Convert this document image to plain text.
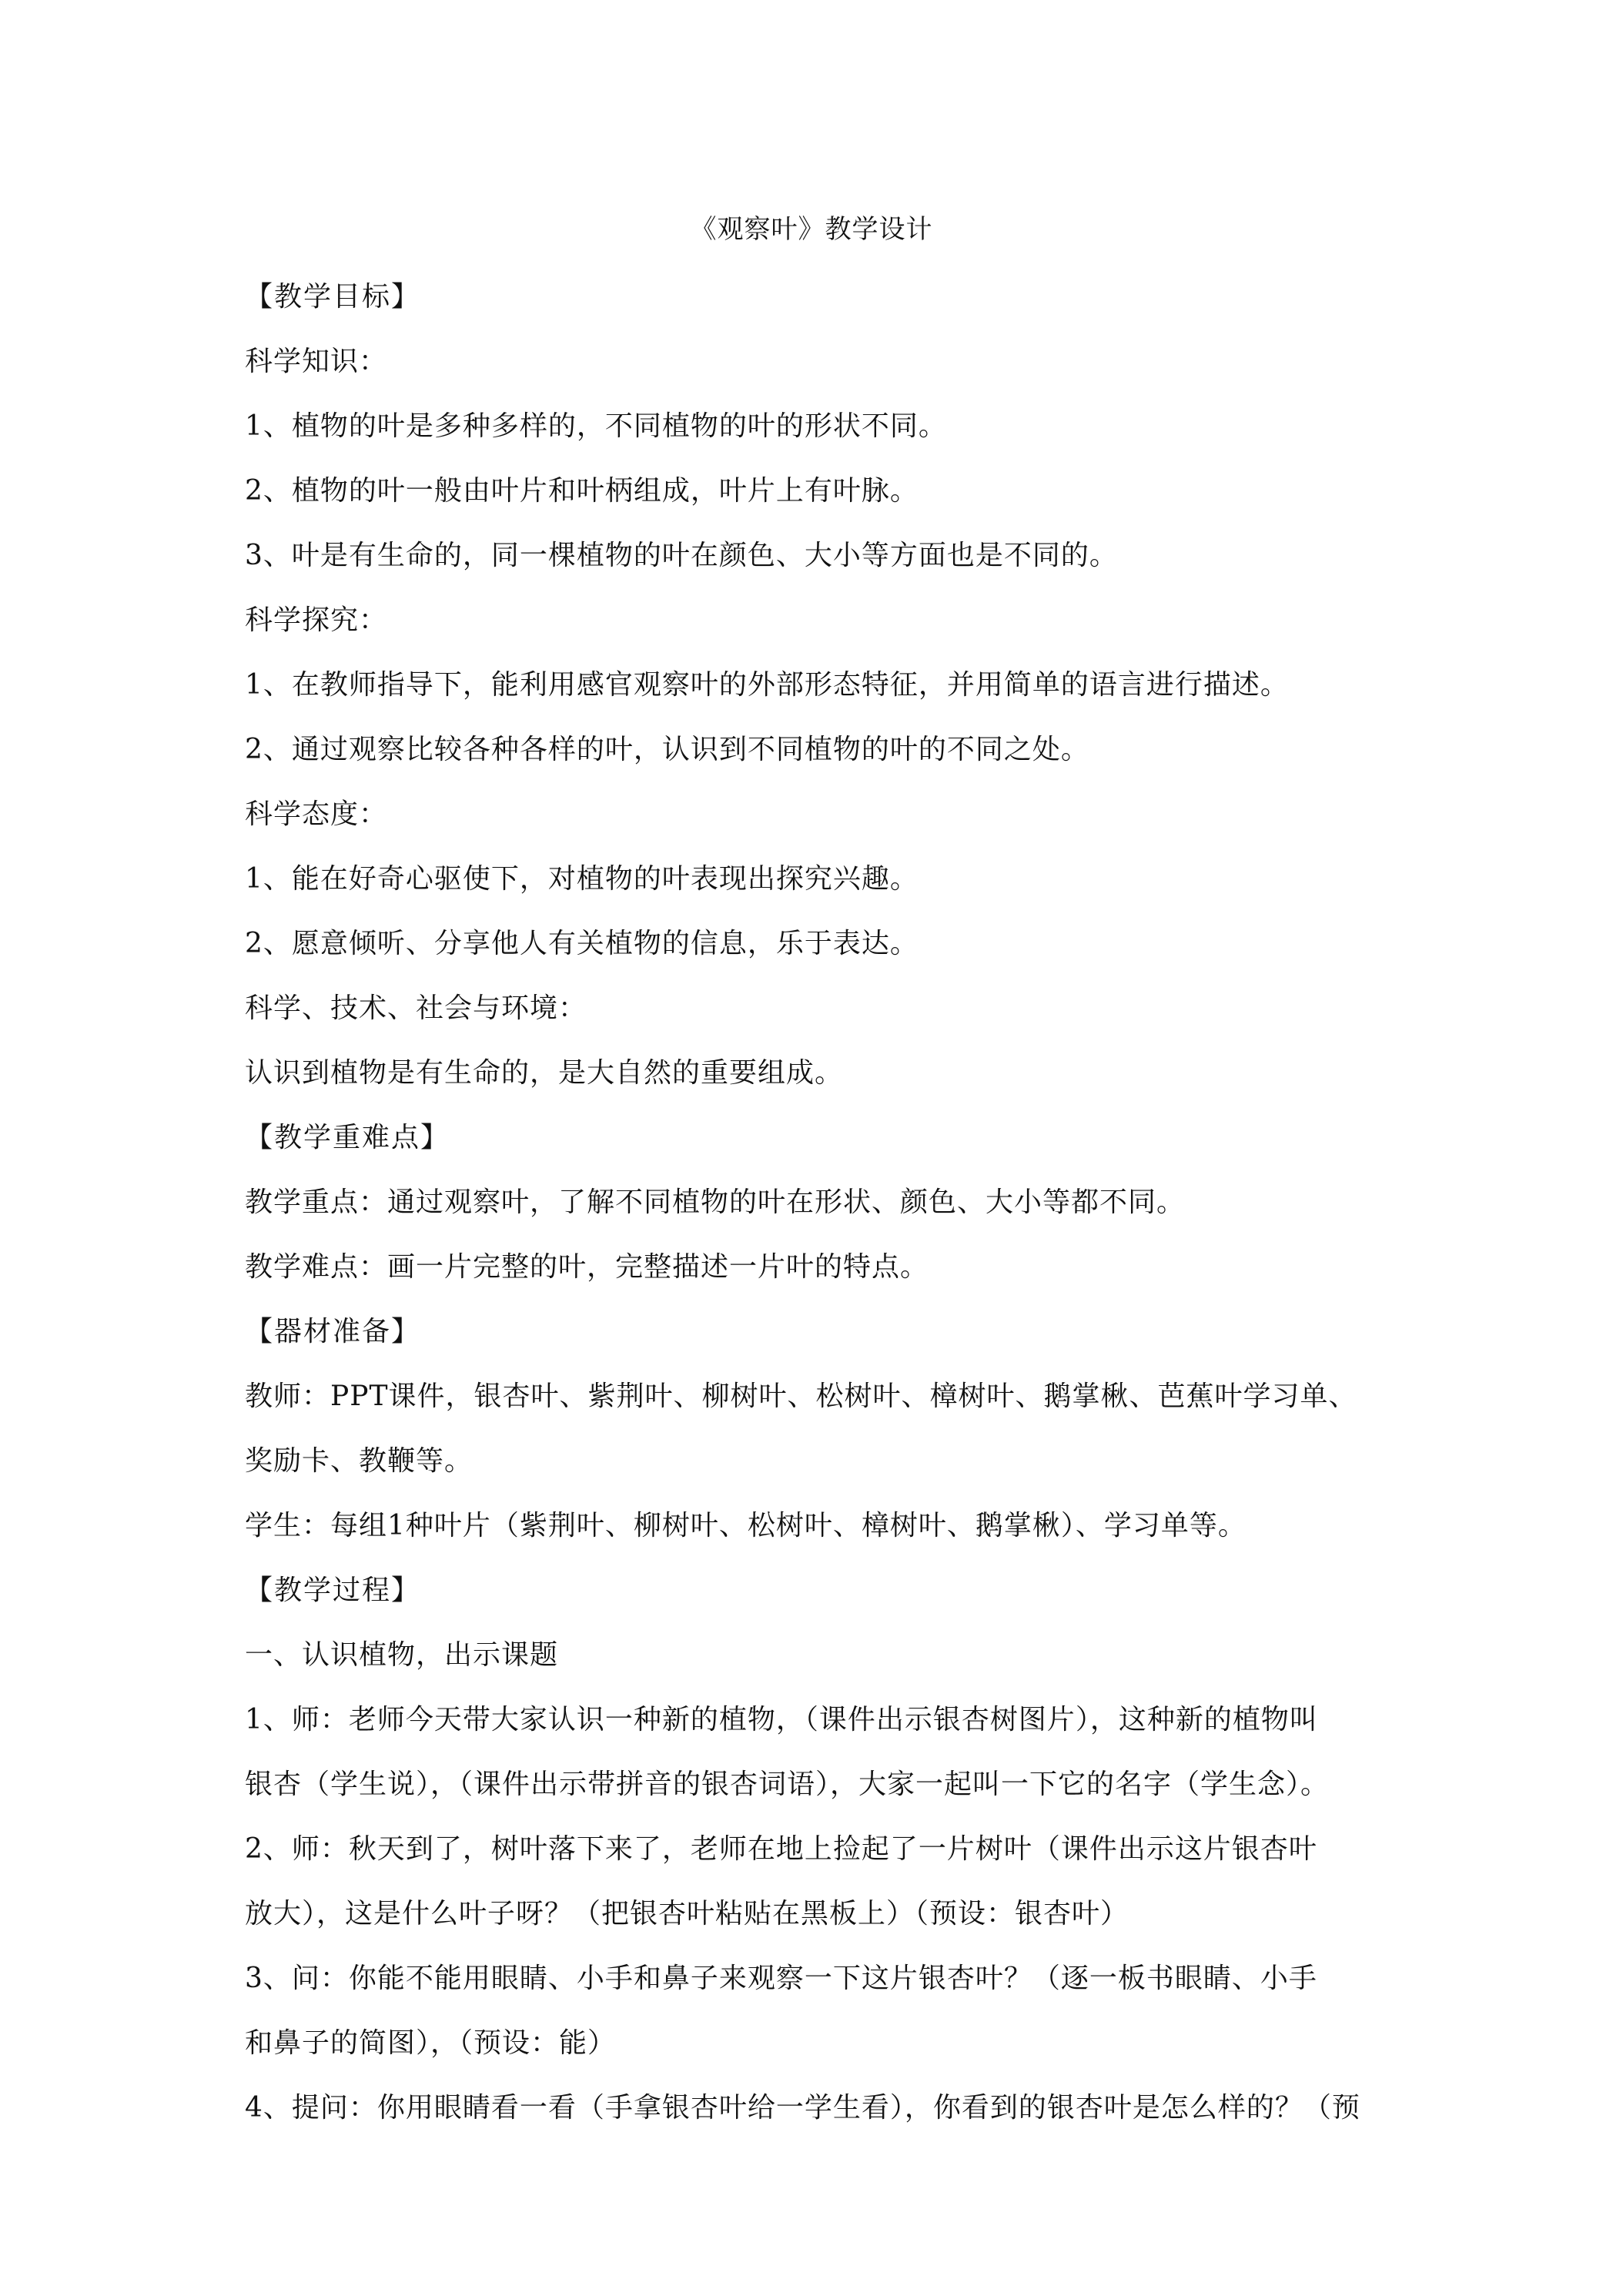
《观察叶》教学设计
【教学目标】
科学知识：
1、植物的叶是多种多样的，不同植物的叶的形状不同。
2、植物的叶一般由叶片和叶柄组成，叶片上有叶脉。
3、叶是有生命的，同一棵植物的叶在颜色、大小等方面也是不同的。
科学探究：
1、在教师指导下，能利用感官观察叶的外部形态特征，并用简单的语言进行描述。
2、通过观察比较各种各样的叶，认识到不同植物的叶的不同之处。
科学态度：
1、能在好奇心驱使下，对植物的叶表现出探究兴趣。
2、愿意倾听、分享他人有关植物的信息，乐于表达。
科学、技术、社会与环境：
认识到植物是有生命的，是大自然的重要组成。
【教学重难点】
教学重点：通过观察叶，了解不同植物的叶在形状、颜色、大小等都不同。
教学难点：画一片完整的叶，完整描述一片叶的特点。
【器材准备】
教师：PPT课件，银杏叶、紫荆叶、柳树叶、松树叶、樟树叶、鹅掌楸、芭蕉叶学习单、
奖励卡、教鞭等。
学生：每组1种叶片（紫荆叶、柳树叶、松树叶、樟树叶、鹅掌楸）、学习单等。
【教学过程】
一、认识植物，出示课题
1、师：老师今天带大家认识一种新的植物，（课件出示银杏树图片），这种新的植物叫
银杏（学生说），（课件出示带拼音的银杏词语），大家一起叫一下它的名字（学生念）。
2、师：秋天到了，树叶落下来了，老师在地上捡起了一片树叶（课件出示这片银杏叶
放大），这是什么叶子呀？（把银杏叶粘贴在黑板上）（预设：银杏叶）
3、问：你能不能用眼睛、小手和鼻子来观察一下这片银杏叶？（逐一板书眼睛、小手
和鼻子的简图），（预设：能）
4、提问：你用眼睛看一看（手拿银杏叶给一学生看），你看到的银杏叶是怎么样的？（预
